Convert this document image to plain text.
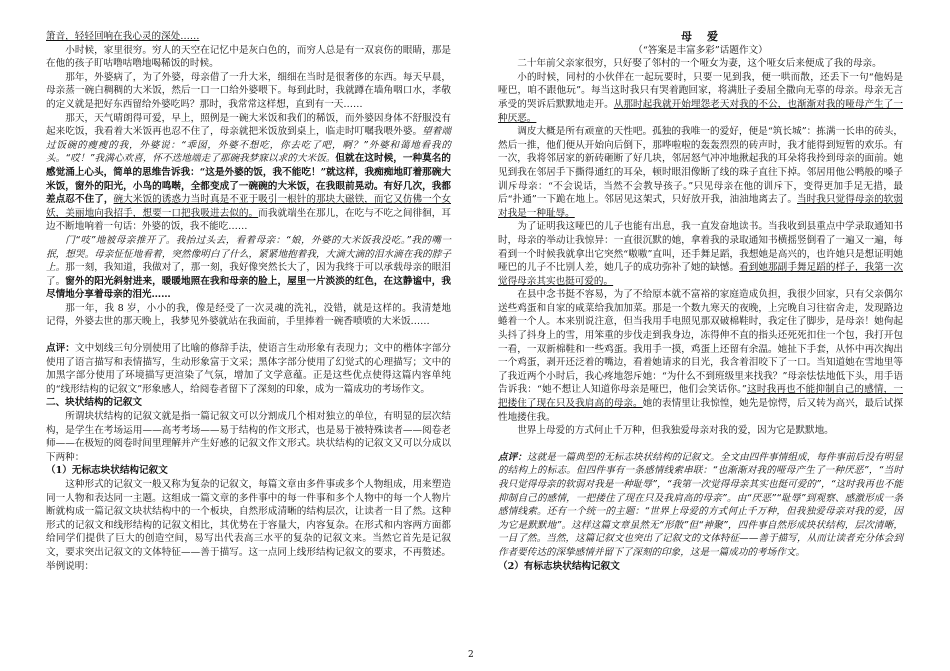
箫音，轻轻回响在我心灵的深处……

小时候，家里很穷。穷人的天空在记忆中是灰白色的，而穷人总是有一双哀伤的眼睛，那是在他的孩子盯咕噜咕噜地喝稀饭的时候。

那年，外婆病了，为了外婆，母亲借了一升大米，细细在当时是很奢侈的东西。每天早晨，母亲蒸一碗白稠稠的大米饭，然后一口一口给外婆喂下。每到此时，我就蹲在墙角咽口水，孝敬的定义就是把好东西留给外婆吃吗？那时，我常常这样想，直到有一天……

那天，天气晴朗得可爱，早上，照例是一碗大米饭和我们的稀饭，而外婆因身体不舒服没有起来吃饭，我看着大米饭再也忍不住了，母亲就把米饭放到桌上，临走时叮嘱我喂外婆。望着端过饭碗的瘦瘦的我，外婆说：“乖囡，外婆不想吃，你去吃了吧，啊？”外婆和蔼地看我的头。“哎！”我满心欢喜，怀不迭地端走了那碗我梦寐以求的大米饭。但就在这时候，一种莫名的感觉涌上心头，简单的思维告诉我：“这是外婆的饭，我不能吃！”就这样，我痴痴地盯着那碗大米饭，窗外的阳光，小鸟的鸣啭，全都变成了一碗碗的大米饭，在我眼前晃动。有好几次，我都差点忍不住了，碗大米饭的诱惑力当时真是不亚于吸引一根针的那块大磁铁，而它又仿佛一个女妖，美丽地向我招手，想要一口把我吸进去似的。而我就端坐在那儿，在吃与不吃之间徘徊，耳边不断地响着一句话：外婆的饭，我不能吃……

门“吱”地被母亲推开了。我抬过头去，看着母亲：“娘，外婆的大米饭我没吃。”我的嘴一抿，想哭。母亲怔怔地看着，突然像明白了什么，紧紧地抱着我，大滴大滴的泪水滴在我的脖子上。那一刻，我知道，我做对了，那一刻，我好像突然长大了，因为我终于可以承载母亲的眼泪了。窗外的阳光斜射进来，暖暖地照在我和母亲的脸上，屋里一片淡淡的红色，在这静谧中，我尽情地分享着母亲的泪光……

那一年，我 8 岁，小小的我，像是经受了一次灵魂的洗礼，没错，就是这样的。我清楚地记得，外婆去世的那天晚上，我梦见外婆就站在我面前，手里捧着一碗香喷喷的大米饭……

点评：文中划线三句分别使用了比喻的修辞手法，使语言生动形象有表现力；文中的楷体字部分使用了语言描写和表情描写，生动形象富于文采；黑体字部分使用了幻觉式的心理描写；文中的加黑字部分使用了环境描写更渲染了气氛，增加了文学意蕴。正是这些优点使得这篇内容单纯的“线形结构的记叙文”形象感人，给阅卷者留下了深刻的印象，成为一篇成功的考场作文。

二、块状结构的记叙文

所谓块状结构的记叙文就是指一篇记叙文可以分割成几个相对独立的单位，有明显的层次结构，是学生在考场运用——高考考场——易于结构的作文形式，也是易于被特殊读者——阅卷老师——在极短的阅卷时间里理解并产生好感的记叙文作文形式。块状结构的记叙文又可以分成以下两种：

（1）无标志块状结构记叙文

这种形式的记叙文一般又称为复杂的记叙文，每篇文章由多件事或多个人物组成，用来塑造同一人物和表达同一主题。这组成一篇文章的多件事中的每一件事和多个人物中的每一个人物片断就构成一篇记叙文块状结构中的一个板块，自然形成清晰的结构层次，让读者一目了然。这种形式的记叙文和线形结构的记叙文相比，其优势在于容量大，内容复杂。在形式和内容两方面都给同学们提供了巨大的创造空间，易写出代表高三水平的复杂的记叙文来。当然它首先是记叙文，要求突出记叙文的文体特征——善于描写。这一点同上线形结构记叙文的要求，不再赘述。举例说明：

母　爱
（“答案是丰富多彩”话题作文）

二十年前父亲家很穷，只好娶了邻村的一个哑女为妻，这个哑女后来便成了我的母亲。

小的时候，同村的小伙伴在一起玩要时，只要一见到我，便一哄而散，还丢下一句“他妈是哑巴，咱不跟他玩”。每当这时我只有哭着跑回家，将满肚子委屈全撒向无辜的母亲。母亲无言承受的哭诉后默默地走开。从那时起我就开始埋怨老天对我的不公，也渐渐对我的哑母产生了一种厌恶。

调皮大概是所有顽童的天性吧。孤独的我唯一的爱好，便是“筑长城”：拣满一长串的砖头，然后一推，他们便从开始向后倒下，那哗啦啦的轰轰烈烈的砖声时，我才能得到短暂的欢乐。有一次，我将邻居家的新砖砸断了好几块，邻居怒气冲冲地揪起我的耳朵将我拎到母亲的面前。她见到我在邻居手下撕得通红的耳朵，顿时眼泪像断了线的珠子直往下掉。邻居用他公鸭般的嗓子训斥母亲：“不会说话，当然不会教导孩子。”只见母亲在他的训斥下，变得更加手足无措，最后“扑通”一下跪在地上。邻居见这架式，只好放开我，油油地离去了。当时我只觉得母亲的软弱对我是一种耻辱。

为了证明我这哑巴的儿子也能有出息，我一直发奋地读书。当我收到县重点中学录取通知书时，母亲的举动让我惊异：一直很沉默的她，拿着我的录取通知书横摇竖倒看了一遍又一遍，每看到一个时候我就拿出它突然“嗷嗷”直叫，还手舞足蹈，我想她是高兴的，也许她只是想证明她哑巴的儿子不比别人差，她几子的成功弥补了她的缺憾。看到她那副手舞足蹈的样子，我第一次觉得母亲其实也挺可爱的。

在县中念书挺不容易，为了不给原本就不富裕的家庭造成负担，我很少回家，只有父亲偶尔送些鸡蛋和自家的咸菜给我加加菜。那是一个数九寒天的夜晚，上完晚自习往宿舍走，发现路边蜷着一个人。本来别说注意，但当我用手电照见那双破棉鞋时，我定住了脚步，是母亲！她佝起头抖了抖身上的雪，用笨重的步伐走到我身边，冻得伸不直的指头还死死扣住一个包，我打开包一看，一双新棉鞋和一些鸡蛋。我用手一摸，鸡蛋上还留有余温。她扯下手套，从怀中再次掏出一个鸡蛋，剥开还泛着的嘴边，看着她请求的目光，我含着泪咬下了一口。当知道她在雪地里等了我近两个小时后，我心疼地怨斥她：“为什么不到班级里来找我？”母亲怯怯地低下头，用手语告诉我：“她不想让人知道你母亲是哑巴，他们会笑话你。”这时我再也不能抑制自己的感情，一把搂住了现在只及我肩高的母亲。她的表情里让我惊惶，她先是惊愕，后又转为高兴，最后试探性地搂住我。

世界上母爱的方式何止千万种，但我独爱母亲对我的爱，因为它是默默地。

点评：这就是一篇典型的无标志块状结构的记叙文。全文由四件事情组成，每件事前后没有明显的结构上的标志。但四件事有一条感情线索串联：“也渐渐对我的哑母产生了一种厌恶”，“当时我只觉得母亲的软弱对我是一种耻辱”，“我第一次觉得母亲其实也挺可爱的”，“这时我再也不能抑制自己的感情，一把搂住了现在只及我肩高的母亲”。由“厌恶”“耻辱”到观察、感激形成一条感情线索。还有一个统一的主题：“世界上母爱的方式何止千万种，但我独爱母亲对我的爱，因为它是默默地”。这样这篇文章虽然无“形散”但“神聚”，四件事自然形成块状结构，层次清晰，一目了然。当然，这篇记叙文也突出了记叙文的文体特征——善于描写，从而让读者充分体会到作者要传达的深挚感情并留下了深刻的印象，这是一篇成功的考场作文。

（2）有标志块状结构记叙文

2
